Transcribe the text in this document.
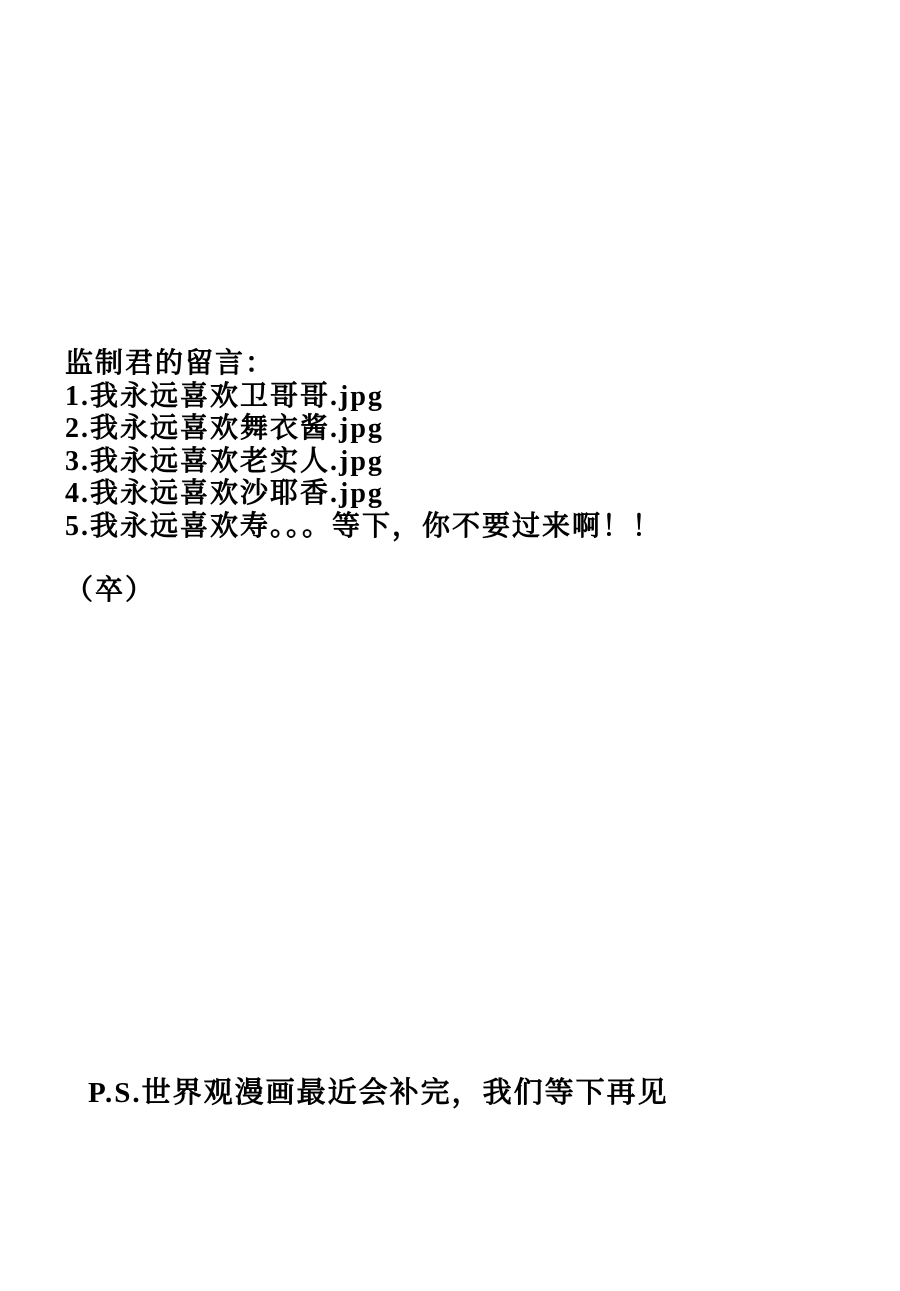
监制君的留言：

1.我永远喜欢卫哥哥.jpg

2.我永远喜欢舞衣酱.jpg

3.我永远喜欢老实人.jpg

4.我永远喜欢沙耶香.jpg

5.我永远喜欢寿。。。等下，你不要过来啊！！

（卒）

P.S.世界观漫画最近会补完，我们等下再见
